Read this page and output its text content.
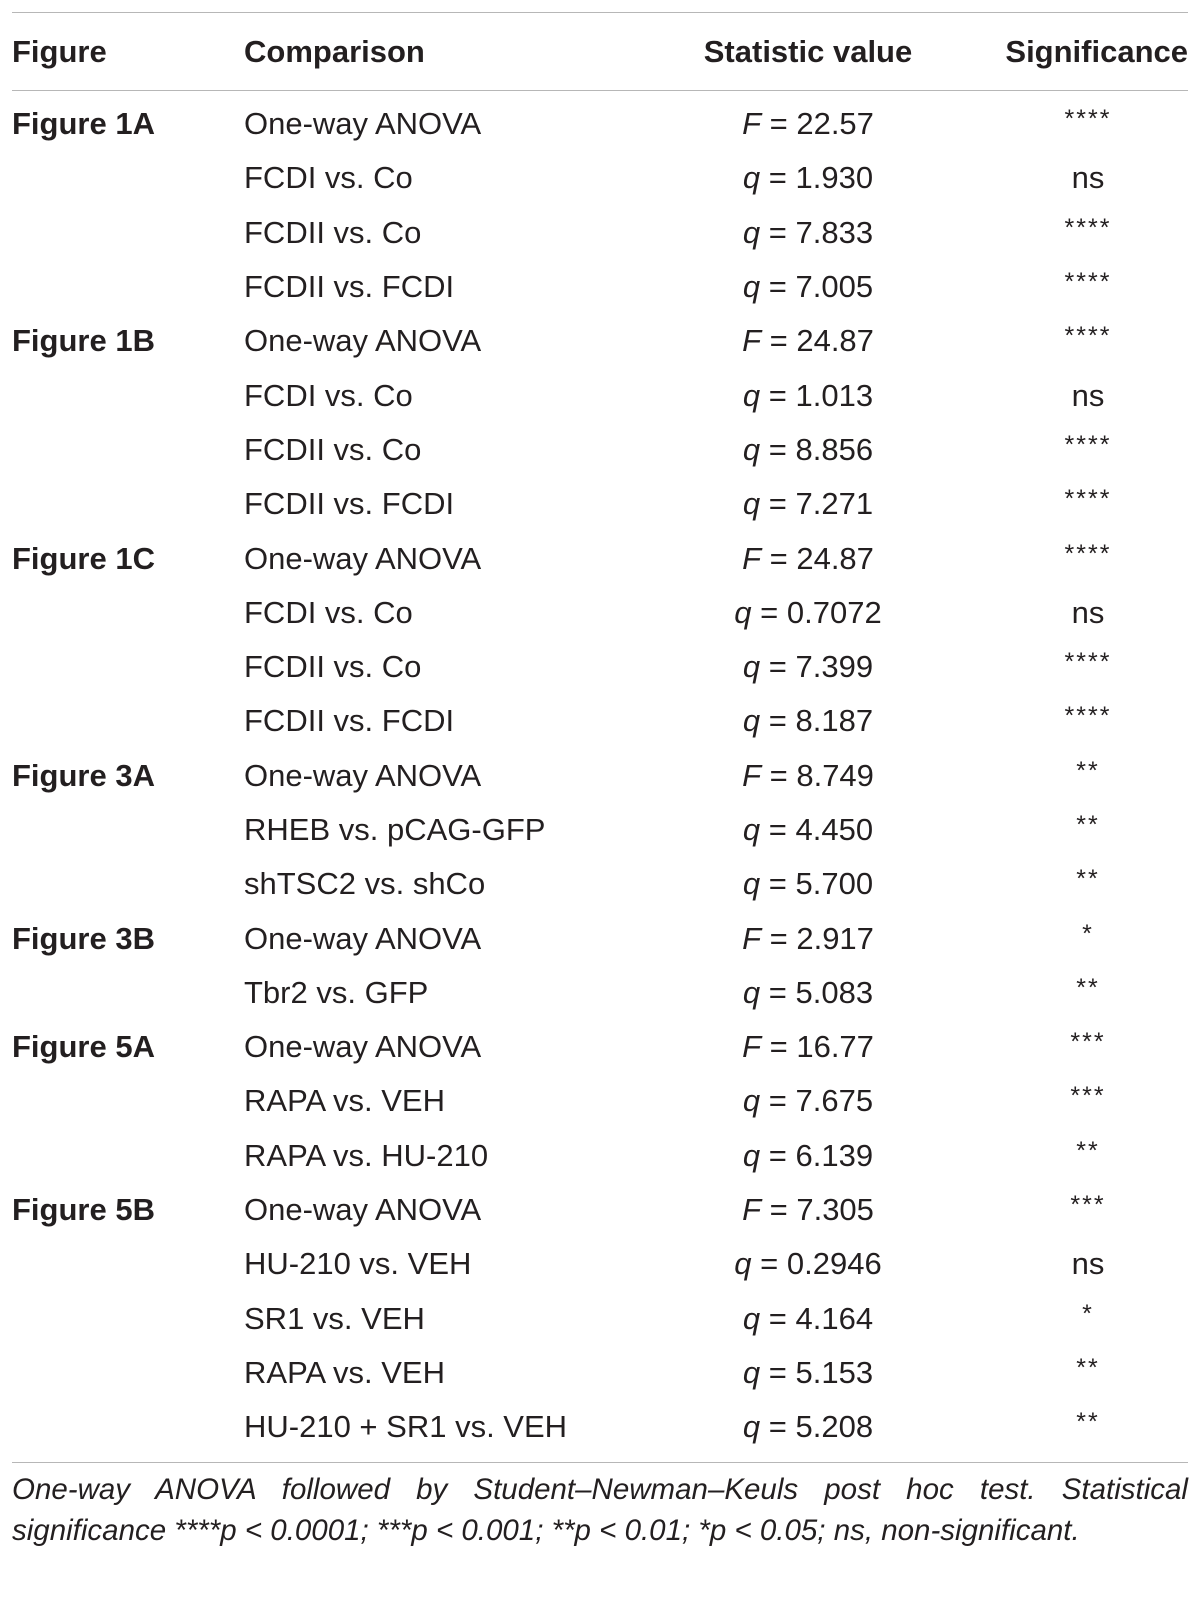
Figure	Comparison	Statistic value	Significance
Figure 1A	One-way ANOVA	F = 22.57	****
	FCDI vs. Co	q = 1.930	ns
	FCDII vs. Co	q = 7.833	****
	FCDII vs. FCDI	q = 7.005	****
Figure 1B	One-way ANOVA	F = 24.87	****
	FCDI vs. Co	q = 1.013	ns
	FCDII vs. Co	q = 8.856	****
	FCDII vs. FCDI	q = 7.271	****
Figure 1C	One-way ANOVA	F = 24.87	****
	FCDI vs. Co	q = 0.7072	ns
	FCDII vs. Co	q = 7.399	****
	FCDII vs. FCDI	q = 8.187	****
Figure 3A	One-way ANOVA	F = 8.749	**
	RHEB vs. pCAG-GFP	q = 4.450	**
	shTSC2 vs. shCo	q = 5.700	**
Figure 3B	One-way ANOVA	F = 2.917	*
	Tbr2 vs. GFP	q = 5.083	**
Figure 5A	One-way ANOVA	F = 16.77	***
	RAPA vs. VEH	q = 7.675	***
	RAPA vs. HU-210	q = 6.139	**
Figure 5B	One-way ANOVA	F = 7.305	***
	HU-210 vs. VEH	q = 0.2946	ns
	SR1 vs. VEH	q = 4.164	*
	RAPA vs. VEH	q = 5.153	**
	HU-210 + SR1 vs. VEH	q = 5.208	**
One-way ANOVA followed by Student–Newman–Keuls post hoc test. Statistical significance ****p < 0.0001; ***p < 0.001; **p < 0.01; *p < 0.05; ns, non-significant.
